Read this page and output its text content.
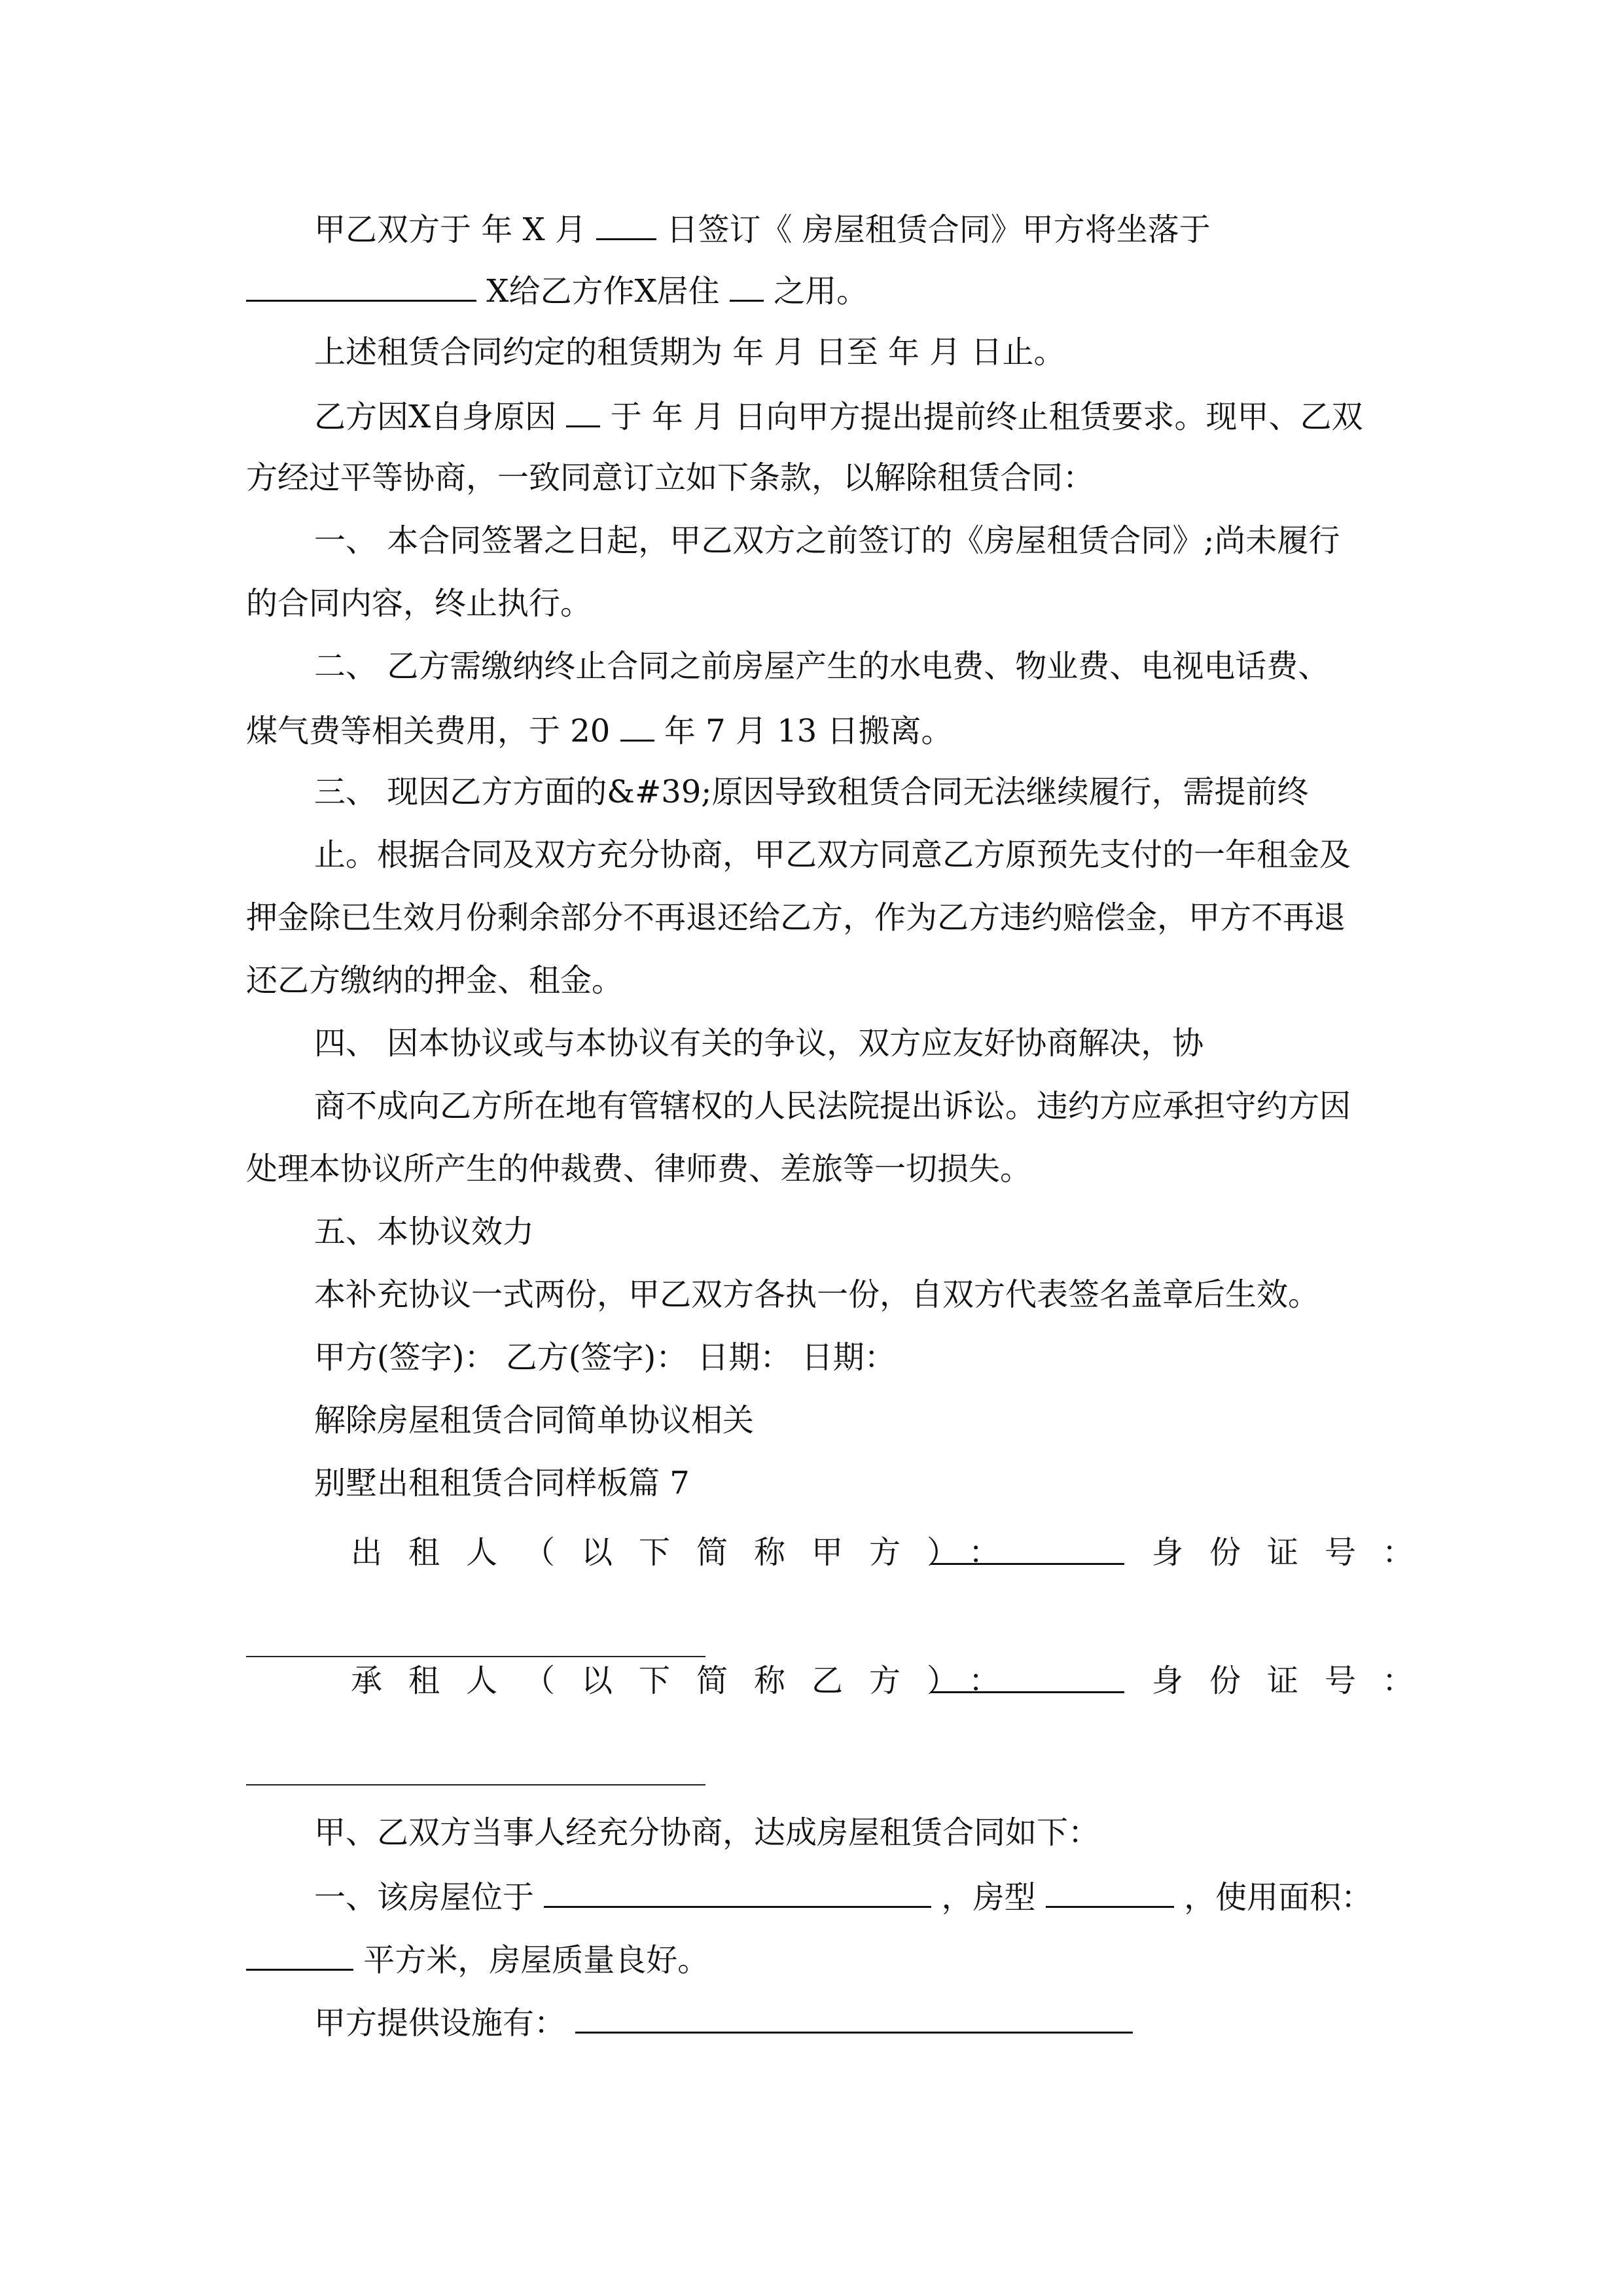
甲乙双方于 年 X 月	日签订《 房屋租赁合同》甲方将坐落于
X给乙方作X居住 之用。
上述租赁合同约定的租赁期为 年 月 日至 年 月 日止。
乙方因X自身原因 于 年 月 日向甲方提出提前终止租赁要求。现甲、乙双
方经过平等协商，一致同意订立如下条款，以解除租赁合同：
一、 本合同签署之日起，甲乙双方之前签订的《房屋租赁合同》;尚未履行
的合同内容，终止执行。
二、 乙方需缴纳终止合同之前房屋产生的水电费、物业费、电视电话费、
煤气费等相关费用，于 20 年 7 月 13 日搬离。
三、 现因乙方方面的&#39;原因导致租赁合同无法继续履行，需提前终
止。根据合同及双方充分协商，甲乙双方同意乙方原预先支付的一年租金及
押金除已生效月份剩余部分不再退还给乙方，作为乙方违约赔偿金，甲方不再退
还乙方缴纳的押金、租金。
四、 因本协议或与本协议有关的争议，双方应友好协商解决，协
商不成向乙方所在地有管辖权的人民法院提出诉讼。违约方应承担守约方因
处理本协议所产生的仲裁费、律师费、差旅等一切损失。
五、本协议效力
本补充协议一式两份，甲乙双方各执一份，自双方代表签名盖章后生效。
甲方(签字)： 乙方(签字)： 日期： 日期：
解除房屋租赁合同简单协议相关
别墅出租租赁合同样板篇 7
出租人（以下简称甲方）：	身份证号：
承租人（以下简称乙方）：	身份证号：
甲、乙双方当事人经充分协商，达成房屋租赁合同如下：
一、该房屋位于	，房型	，使用面积：
平方米，房屋质量良好。
甲方提供设施有：
